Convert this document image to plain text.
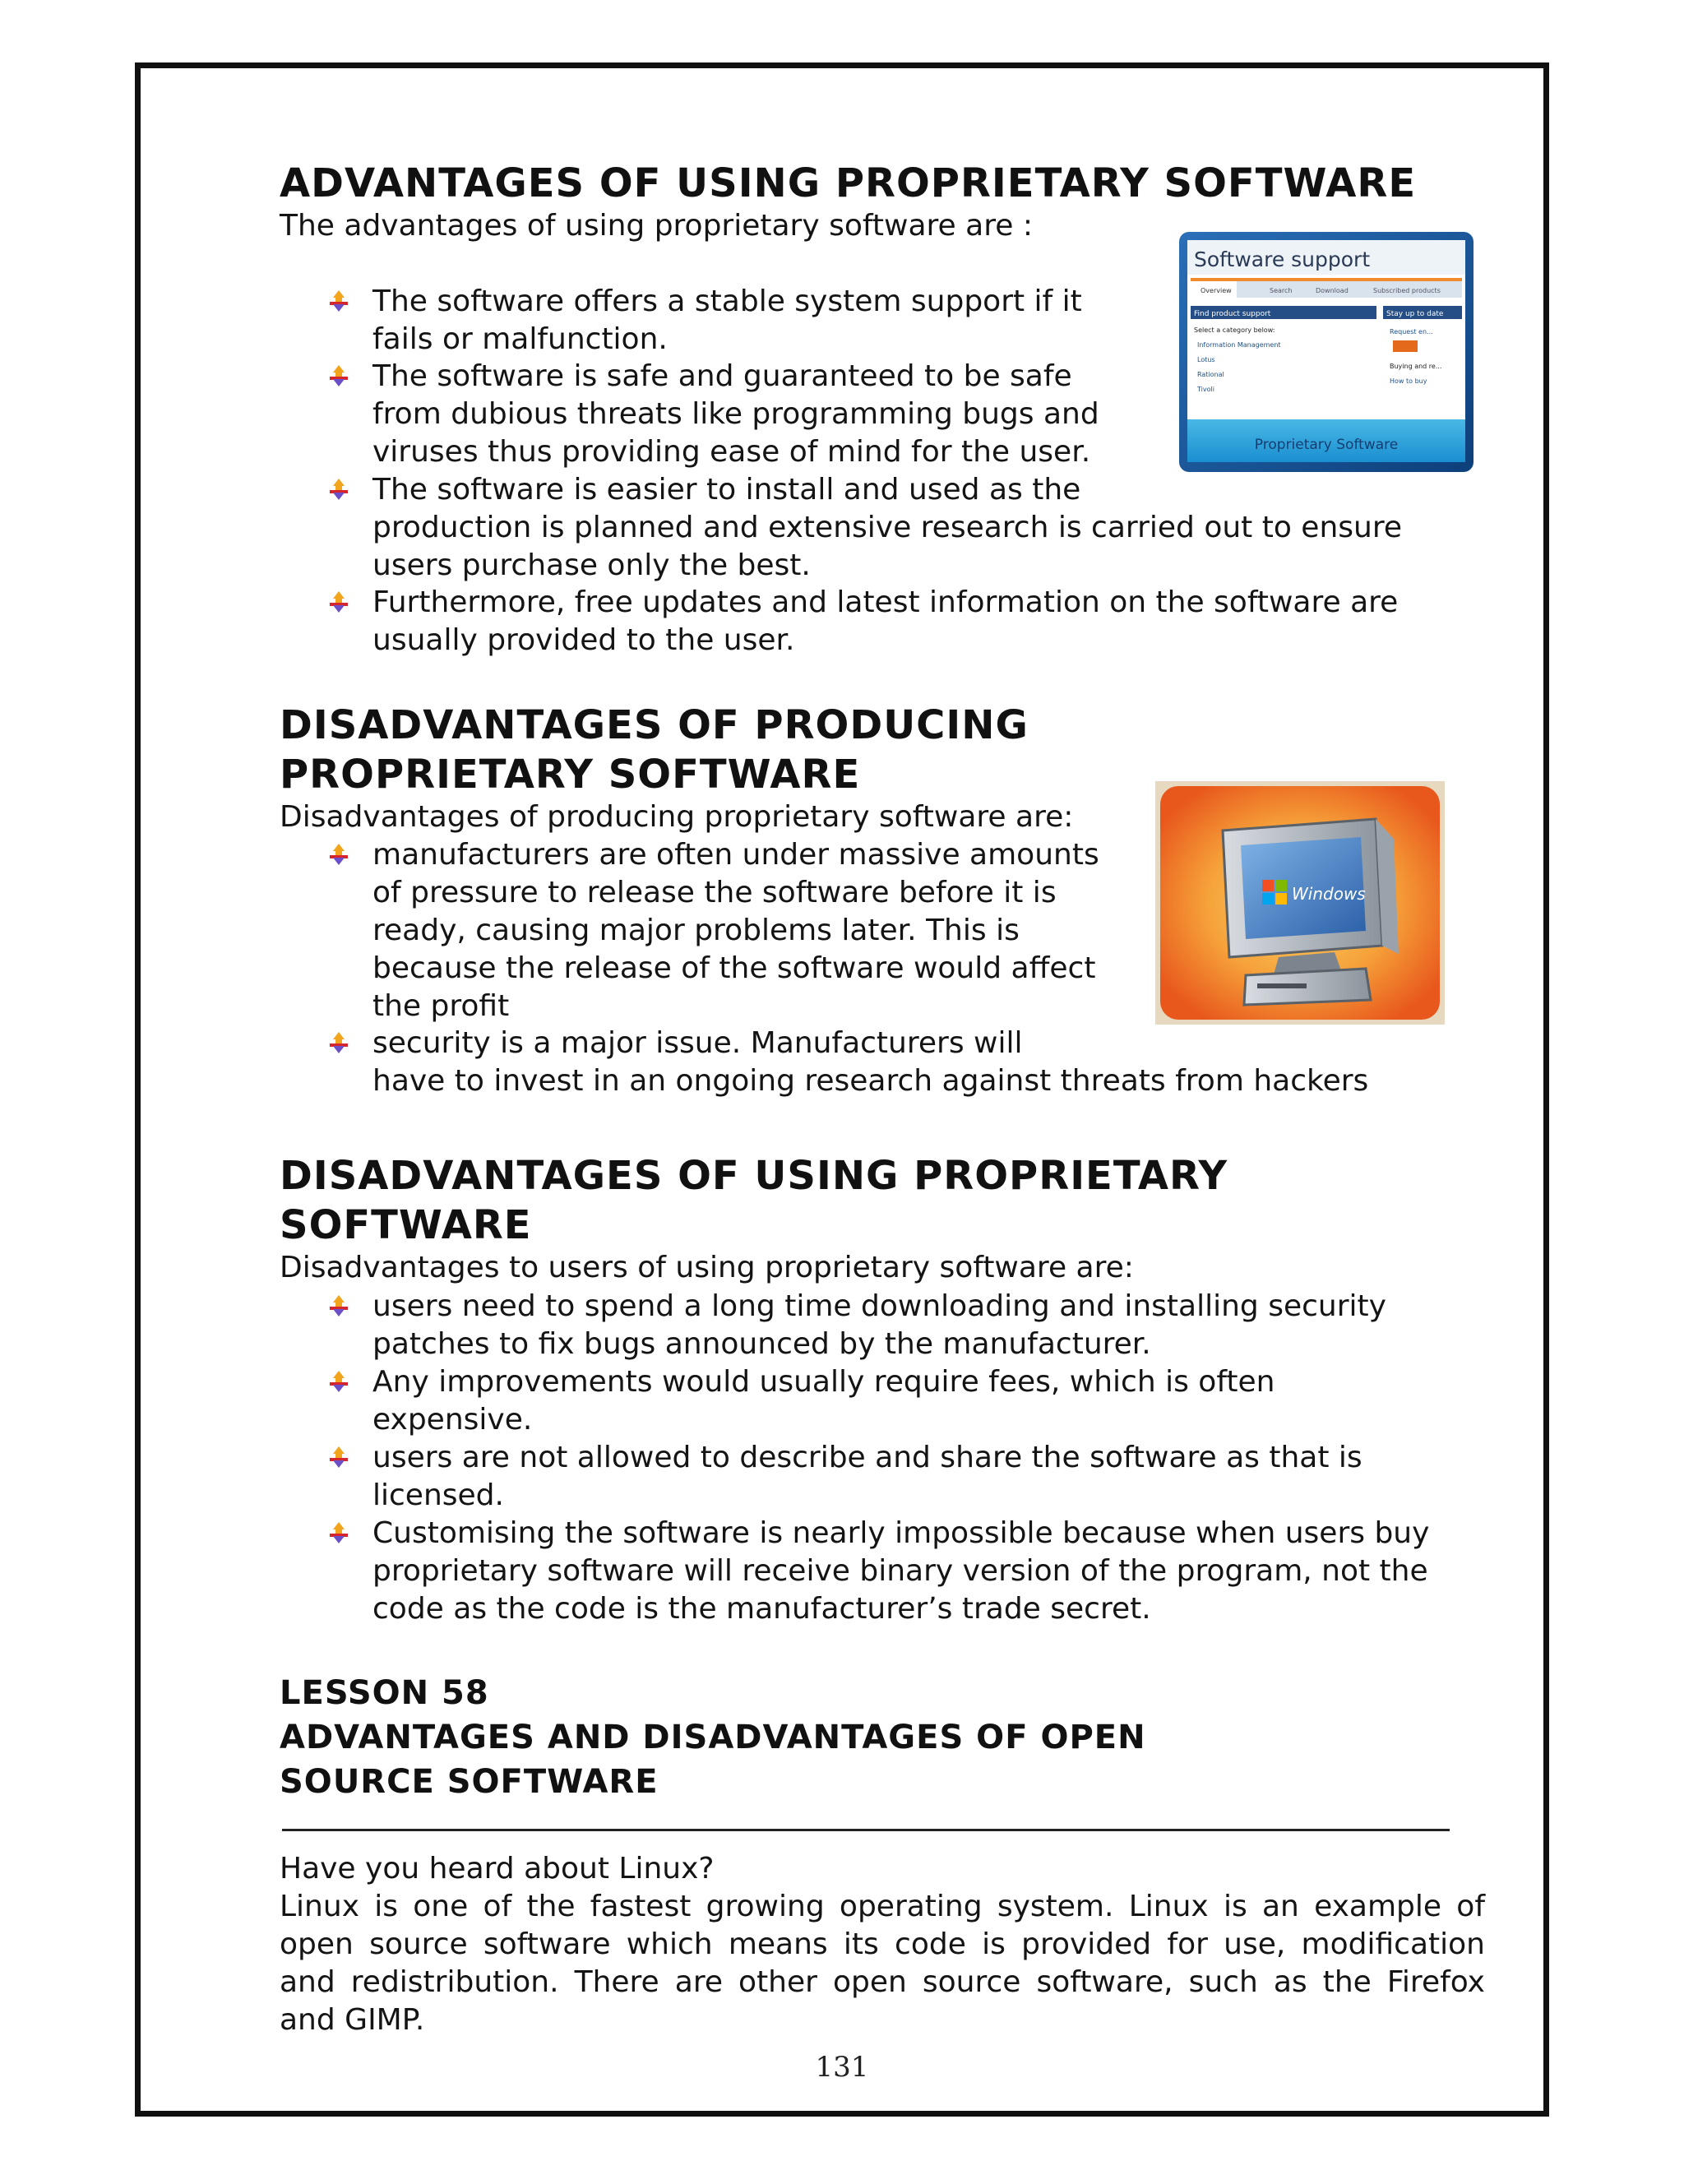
ADVANTAGES OF USING PROPRIETARY SOFTWARE
The advantages of using proprietary software are :
The software offers a stable system support if it
fails or malfunction.
The software is safe and guaranteed to be safe
from dubious threats like programming bugs and
viruses thus providing ease of mind for the user.
The software is easier to install and used as the
production is planned and extensive research is carried out to ensure
users purchase only the best.
Furthermore, free updates and latest information on the software are
usually provided to the user.
Software support
Overview	Search	Download	Subscribed products
Find product support	Stay up to date
Select a category below:
Information Management
Lotus
Rational
Tivoli
Request en...
Buying and re...
How to buy
Proprietary Software
DISADVANTAGES OF PRODUCING
PROPRIETARY SOFTWARE
Disadvantages of producing proprietary software are:
manufacturers are often under massive amounts
of pressure to release the software before it is
ready, causing major problems later. This is
because the release of the software would affect
the profit
security is a major issue. Manufacturers will
have to invest in an ongoing research against threats from hackers
Windows
DISADVANTAGES OF USING PROPRIETARY
SOFTWARE
Disadvantages to users of using proprietary software are:
users need to spend a long time downloading and installing security
patches to fix bugs announced by the manufacturer.
Any improvements would usually require fees, which is often
expensive.
users are not allowed to describe and share the software as that is
licensed.
Customising the software is nearly impossible because when users buy
proprietary software will receive binary version of the program, not the
code as the code is the manufacturer’s trade secret.
LESSON 58
ADVANTAGES AND DISADVANTAGES OF OPEN
SOURCE SOFTWARE
Have you heard about Linux?
Linux is one of the fastest growing operating system. Linux is an example of
open source software which means its code is provided for use, modification
and redistribution. There are other open source software, such as the Firefox
and GIMP.
131
